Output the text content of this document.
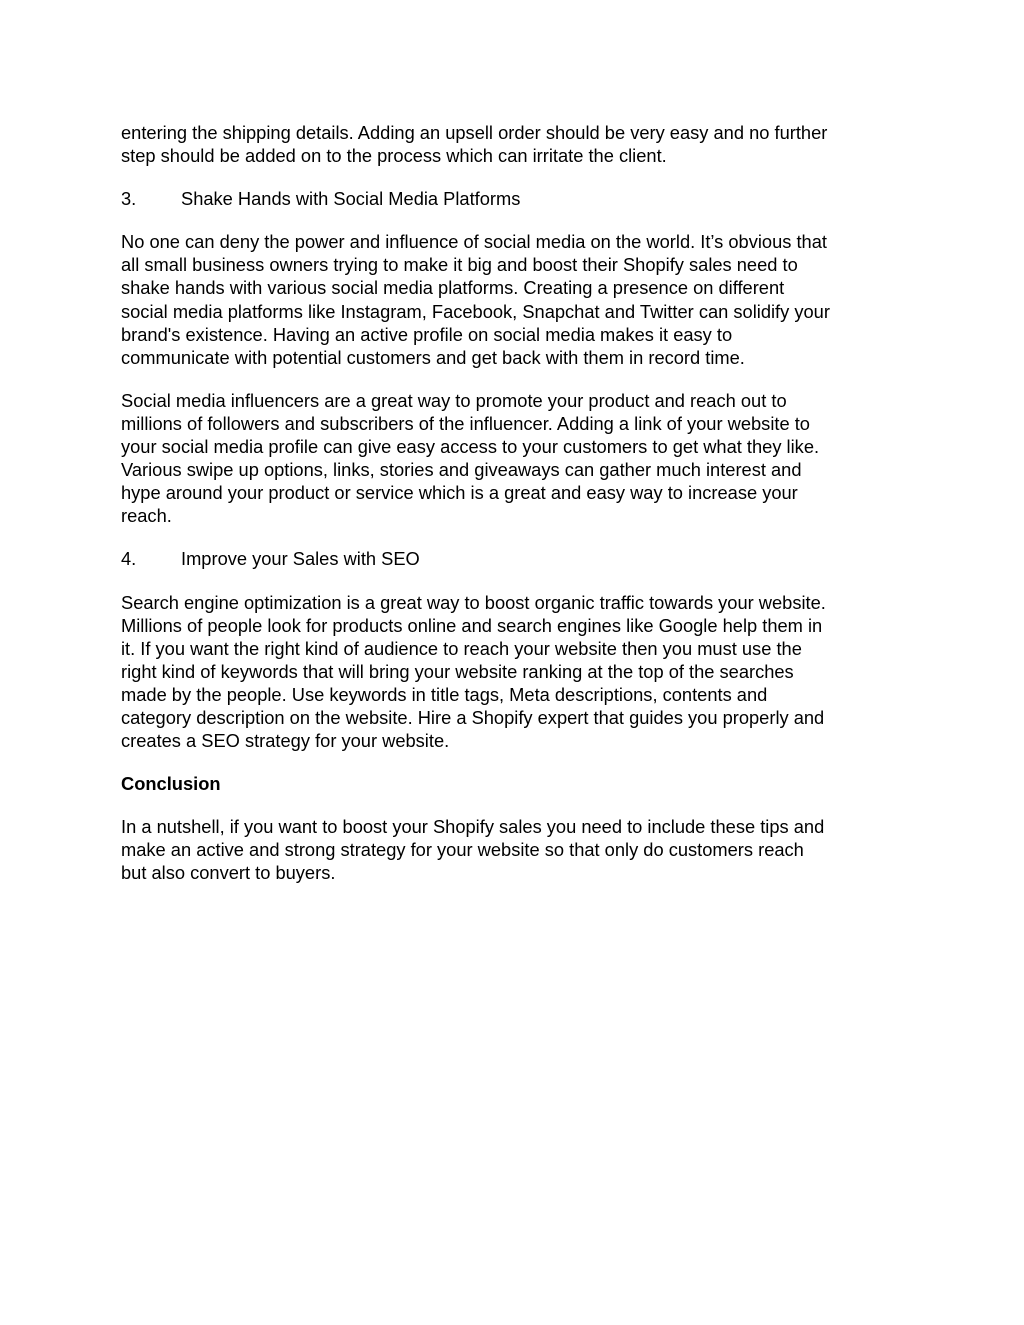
entering the shipping details. Adding an upsell order should be very easy and no further
step should be added on to the process which can irritate the client.

3.	Shake Hands with Social Media Platforms

No one can deny the power and influence of social media on the world. It’s obvious that
all small business owners trying to make it big and boost their Shopify sales need to
shake hands with various social media platforms. Creating a presence on different
social media platforms like Instagram, Facebook, Snapchat and Twitter can solidify your
brand's existence. Having an active profile on social media makes it easy to
communicate with potential customers and get back with them in record time.

Social media influencers are a great way to promote your product and reach out to
millions of followers and subscribers of the influencer. Adding a link of your website to
your social media profile can give easy access to your customers to get what they like.
Various swipe up options, links, stories and giveaways can gather much interest and
hype around your product or service which is a great and easy way to increase your
reach.

4.	Improve your Sales with SEO

Search engine optimization is a great way to boost organic traffic towards your website.
Millions of people look for products online and search engines like Google help them in
it. If you want the right kind of audience to reach your website then you must use the
right kind of keywords that will bring your website ranking at the top of the searches
made by the people. Use keywords in title tags, Meta descriptions, contents and
category description on the website. Hire a Shopify expert that guides you properly and
creates a SEO strategy for your website.

Conclusion

In a nutshell, if you want to boost your Shopify sales you need to include these tips and
make an active and strong strategy for your website so that only do customers reach
but also convert to buyers.
